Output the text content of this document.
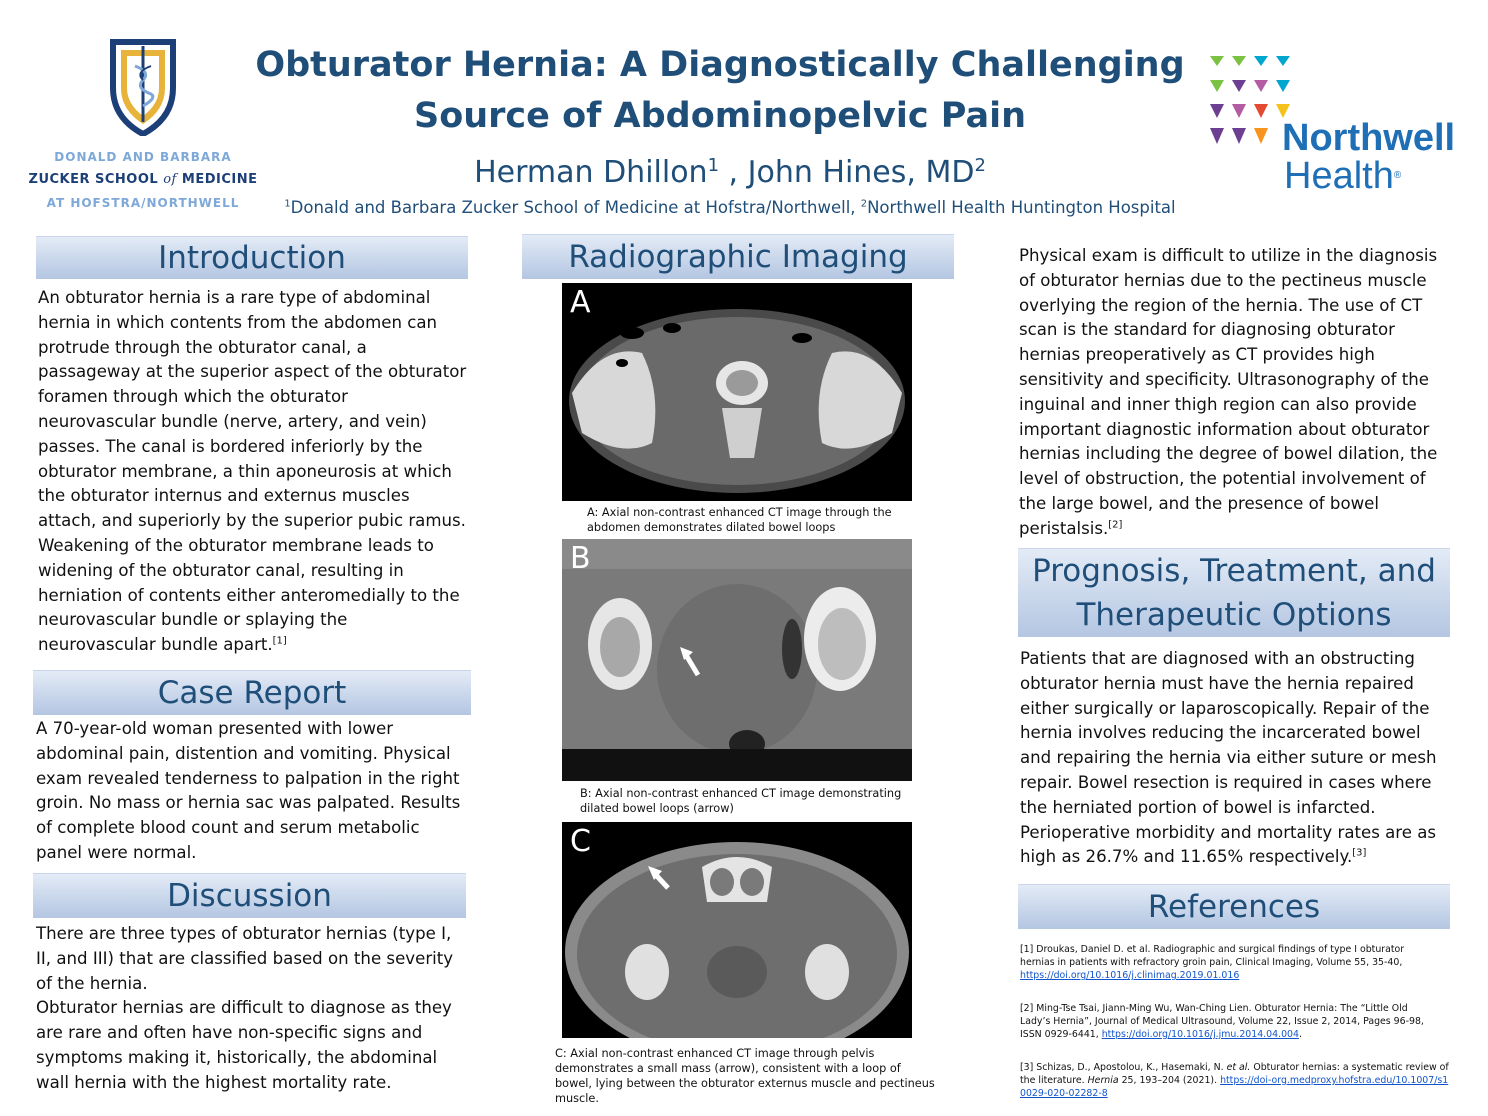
DONALD AND BARBARA
ZUCKER SCHOOL of MEDICINE
AT HOFSTRA/NORTHWELL
Obturator Hernia: A Diagnostically Challenging
Source of Abdominopelvic Pain
Herman Dhillon$^1$ , John Hines, $MD^2$
$^1$Donald and Barbara Zucker School of Medicine at Hofstra/Northwell, $^2$Northwell Health Huntington Hospital
Northwell
Health®
Introduction
An obturator hernia is a rare type of abdominal hernia in which contents from the abdomen can protrude through the obturator canal, a passageway at the superior aspect of the obturator foramen through which the obturator neurovascular bundle (nerve, artery, and vein) passes. The canal is bordered inferiorly by the obturator membrane, a thin aponeurosis at which the obturator internus and externus muscles attach, and superiorly by the superior pubic ramus. Weakening of the obturator membrane leads to widening of the obturator canal, resulting in herniation of contents either anteromedially to the neurovascular bundle or splaying the neurovascular bundle apart.[1]
Case Report
A 70-year-old woman presented with lower abdominal pain, distention and vomiting. Physical exam revealed tenderness to palpation in the right groin. No mass or hernia sac was palpated. Results of complete blood count and serum metabolic panel were normal.
Discussion
There are three types of obturator hernias (type I, II, and III) that are classified based on the severity of the hernia.
Obturator hernias are difficult to diagnose as they are rare and often have non-specific signs and symptoms making it, historically, the abdominal wall hernia with the highest mortality rate.
Radiographic Imaging
A
A: Axial non-contrast enhanced CT image through the abdomen demonstrates dilated bowel loops
B
B: Axial non-contrast enhanced CT image demonstrating dilated bowel loops (arrow)
C
C: Axial non-contrast enhanced CT image through pelvis demonstrates a small mass (arrow), consistent with a loop of bowel, lying between the obturator externus muscle and pectineus muscle.
Physical exam is difficult to utilize in the diagnosis of obturator hernias due to the pectineus muscle overlying the region of the hernia. The use of CT scan is the standard for diagnosing obturator hernias preoperatively as CT provides high sensitivity and specificity. Ultrasonography of the inguinal and inner thigh region can also provide important diagnostic information about obturator hernias including the degree of bowel dilation, the level of obstruction, the potential involvement of the large bowel, and the presence of bowel peristalsis.[2]
Prognosis, Treatment, and
Therapeutic Options
Patients that are diagnosed with an obstructing obturator hernia must have the hernia repaired either surgically or laparoscopically. Repair of the hernia involves reducing the incarcerated bowel and repairing the hernia via either suture or mesh repair. Bowel resection is required in cases where the herniated portion of bowel is infarcted. Perioperative morbidity and mortality rates are as high as 26.7% and 11.65% respectively.[3]
References
[1] Droukas, Daniel D. et al. Radiographic and surgical findings of type I obturator hernias in patients with refractory groin pain, Clinical Imaging, Volume 55, 35-40, https://doi.org/10.1016/j.clinimag.2019.01.016
[2] Ming-Tse Tsai, Jiann-Ming Wu, Wan-Ching Lien. Obturator Hernia: The “Little Old Lady’s Hernia”, Journal of Medical Ultrasound, Volume 22, Issue 2, 2014, Pages 96-98, ISSN 0929-6441, https://doi.org/10.1016/j.jmu.2014.04.004.
[3] Schizas, D., Apostolou, K., Hasemaki, N. et al. Obturator hernias: a systematic review of the literature. Hernia 25, 193–204 (2021). https://doi-org.medproxy.hofstra.edu/10.1007/s10029-020-02282-8
